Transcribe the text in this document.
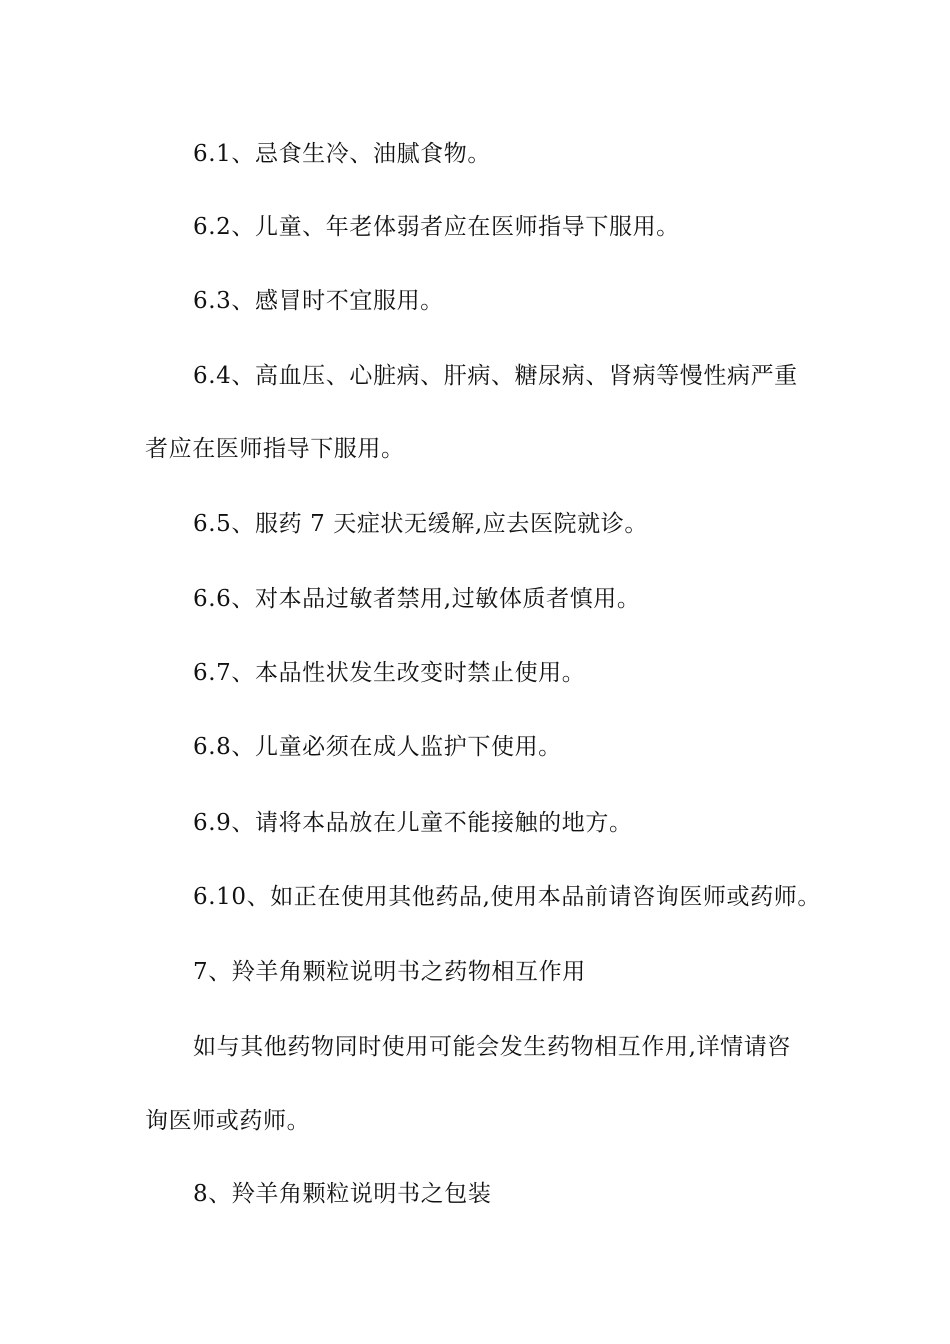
6.1、忌食生冷、油腻食物。
6.2、儿童、年老体弱者应在医师指导下服用。
6.3、感冒时不宜服用。
6.4、高血压、心脏病、肝病、糖尿病、肾病等慢性病严重
者应在医师指导下服用。
6.5、服药 7 天症状无缓解,应去医院就诊。
6.6、对本品过敏者禁用,过敏体质者慎用。
6.7、本品性状发生改变时禁止使用。
6.8、儿童必须在成人监护下使用。
6.9、请将本品放在儿童不能接触的地方。
6.10、如正在使用其他药品,使用本品前请咨询医师或药师。
7、羚羊角颗粒说明书之药物相互作用
如与其他药物同时使用可能会发生药物相互作用,详情请咨
询医师或药师。
8、羚羊角颗粒说明书之包装
